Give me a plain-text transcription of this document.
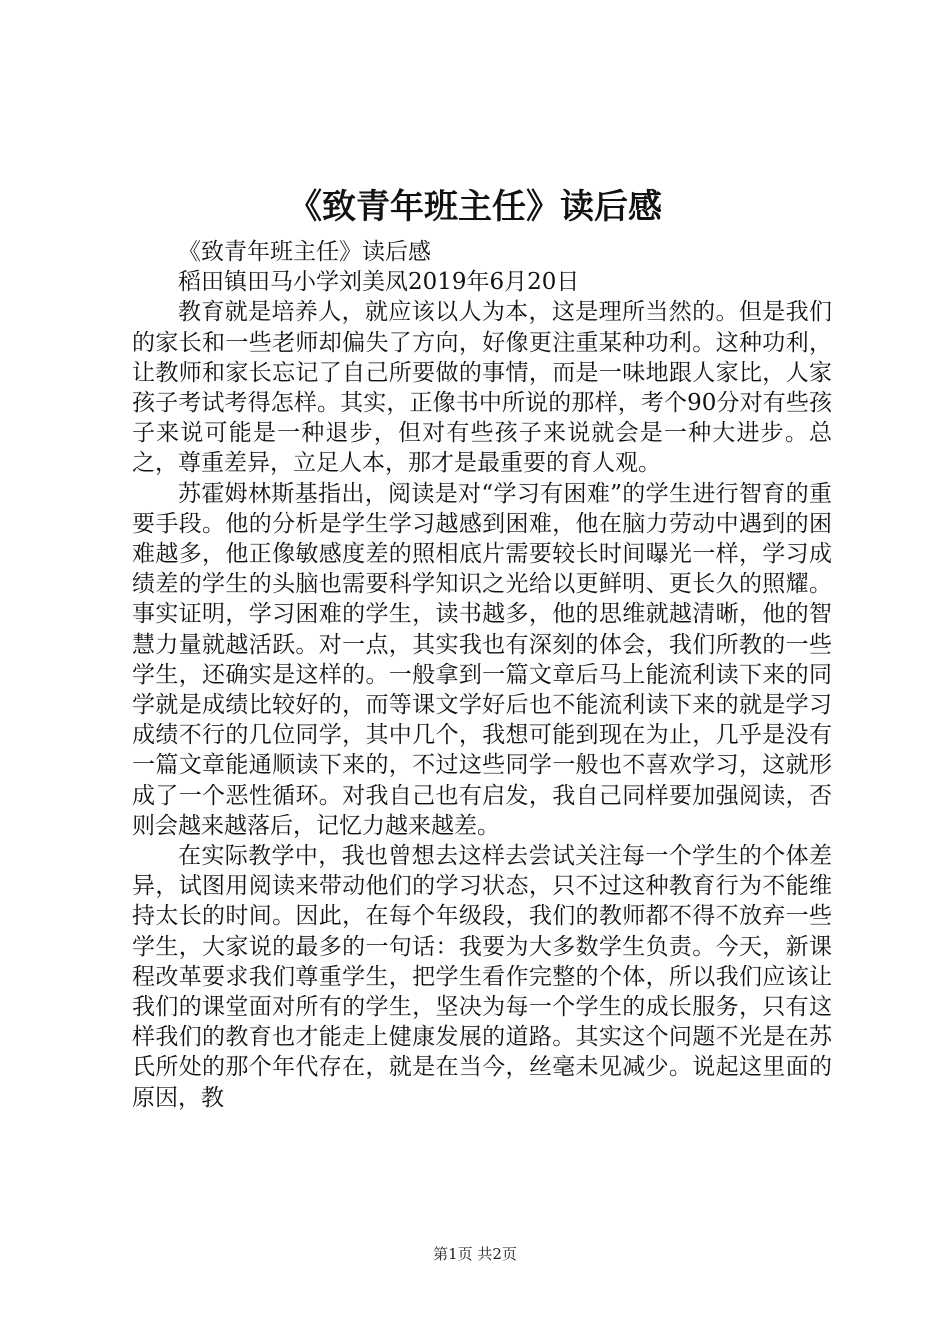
《致青年班主任》读后感

《致青年班主任》读后感

稻田镇田马小学刘美凤2019年6月20日

教育就是培养人，就应该以人为本，这是理所当然的。但是我们的家长和一些老师却偏失了方向，好像更注重某种功利。这种功利，让教师和家长忘记了自己所要做的事情，而是一味地跟人家比，人家孩子考试考得怎样。其实，正像书中所说的那样，考个90分对有些孩子来说可能是一种退步，但对有些孩子来说就会是一种大进步。总之，尊重差异，立足人本，那才是最重要的育人观。

苏霍姆林斯基指出，阅读是对“学习有困难”的学生进行智育的重要手段。他的分析是学生学习越感到困难，他在脑力劳动中遇到的困难越多，他正像敏感度差的照相底片需要较长时间曝光一样，学习成绩差的学生的头脑也需要科学知识之光给以更鲜明、更长久的照耀。事实证明，学习困难的学生，读书越多，他的思维就越清晰，他的智慧力量就越活跃。对一点，其实我也有深刻的体会，我们所教的一些学生，还确实是这样的。一般拿到一篇文章后马上能流利读下来的同学就是成绩比较好的，而等课文学好后也不能流利读下来的就是学习成绩不行的几位同学，其中几个，我想可能到现在为止，几乎是没有一篇文章能通顺读下来的，不过这些同学一般也不喜欢学习，这就形成了一个恶性循环。对我自己也有启发，我自己同样要加强阅读，否则会越来越落后，记忆力越来越差。

在实际教学中，我也曾想去这样去尝试关注每一个学生的个体差异，试图用阅读来带动他们的学习状态，只不过这种教育行为不能维持太长的时间。因此，在每个年级段，我们的教师都不得不放弃一些学生，大家说的最多的一句话：我要为大多数学生负责。今天，新课程改革要求我们尊重学生，把学生看作完整的个体，所以我们应该让我们的课堂面对所有的学生，坚决为每一个学生的成长服务，只有这样我们的教育也才能走上健康发展的道路。其实这个问题不光是在苏氏所处的那个年代存在，就是在当今，丝毫未见减少。说起这里面的原因，教

第1页 共2页
